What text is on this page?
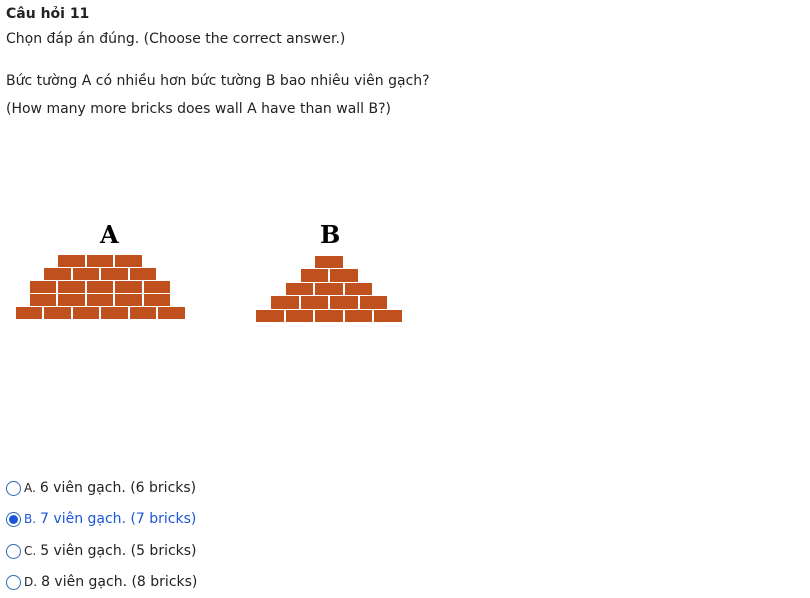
Câu hỏi 11
Chọn đáp án đúng. (Choose the correct answer.)
Bức tường A có nhiều hơn bức tường B bao nhiêu viên gạch?
(How many more bricks does wall A have than wall B?)
A	B
A. 6 viên gạch. (6 bricks)
B. 7 viên gạch. (7 bricks)
C. 5 viên gạch. (5 bricks)
D. 8 viên gạch. (8 bricks)
